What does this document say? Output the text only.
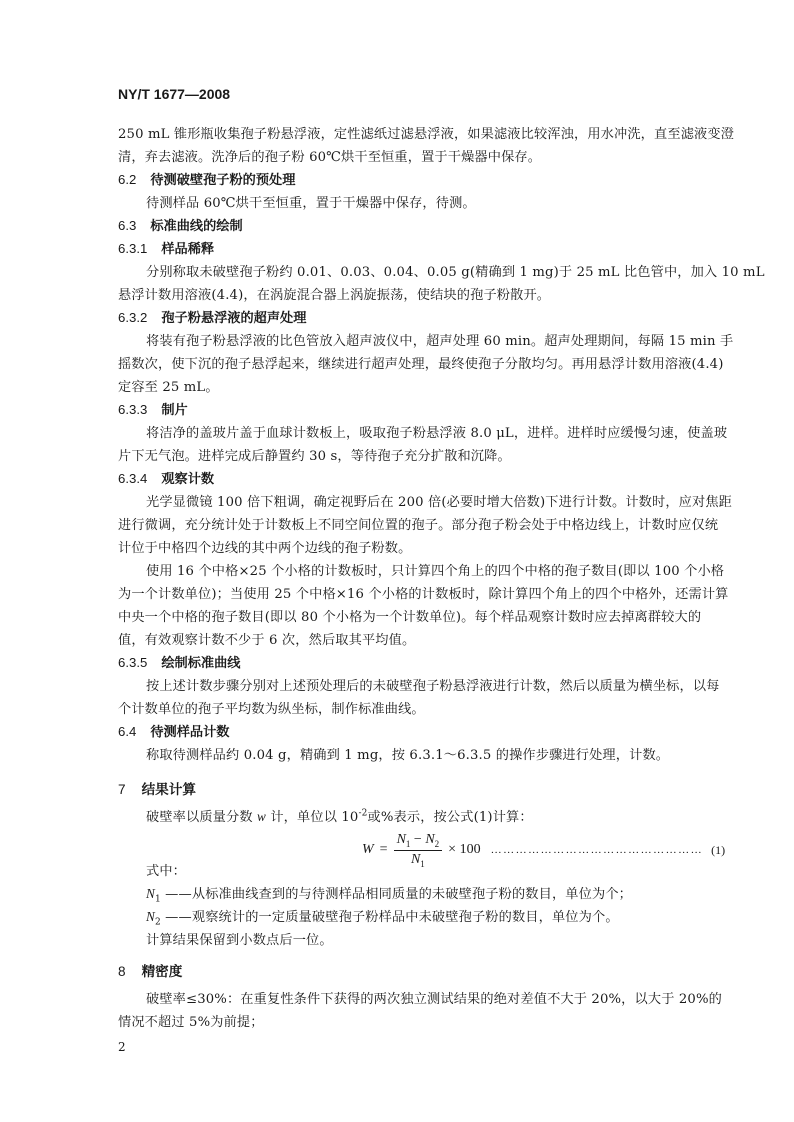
NY/T 1677—2008
250 mL 锥形瓶收集孢子粉悬浮液，定性滤纸过滤悬浮液，如果滤液比较浑浊，用水冲洗，直至滤液变澄
清，弃去滤液。洗净后的孢子粉 60℃烘干至恒重，置于干燥器中保存。
6.2 待测破壁孢子粉的预处理
待测样品 60℃烘干至恒重，置于干燥器中保存，待测。
6.3 标准曲线的绘制
6.3.1 样品稀释
分别称取未破壁孢子粉约 0.01、0.03、0.04、0.05 g(精确到 1 mg)于 25 mL 比色管中，加入 10 mL
悬浮计数用溶液(4.4)，在涡旋混合器上涡旋振荡，使结块的孢子粉散开。
6.3.2 孢子粉悬浮液的超声处理
将装有孢子粉悬浮液的比色管放入超声波仪中，超声处理 60 min。超声处理期间，每隔 15 min 手
摇数次，使下沉的孢子悬浮起来，继续进行超声处理，最终使孢子分散均匀。再用悬浮计数用溶液(4.4)
定容至 25 mL。
6.3.3 制片
将洁净的盖玻片盖于血球计数板上，吸取孢子粉悬浮液 8.0 μL，进样。进样时应缓慢匀速，使盖玻
片下无气泡。进样完成后静置约 30 s，等待孢子充分扩散和沉降。
6.3.4 观察计数
光学显微镜 100 倍下粗调，确定视野后在 200 倍(必要时增大倍数)下进行计数。计数时，应对焦距
进行微调，充分统计处于计数板上不同空间位置的孢子。部分孢子粉会处于中格边线上，计数时应仅统
计位于中格四个边线的其中两个边线的孢子粉数。
使用 16 个中格×25 个小格的计数板时，只计算四个角上的四个中格的孢子数目(即以 100 个小格
为一个计数单位)；当使用 25 个中格×16 个小格的计数板时，除计算四个角上的四个中格外，还需计算
中央一个中格的孢子数目(即以 80 个小格为一个计数单位)。每个样品观察计数时应去掉离群较大的
值，有效观察计数不少于 6 次，然后取其平均值。
6.3.5 绘制标准曲线
按上述计数步骤分别对上述预处理后的未破壁孢子粉悬浮液进行计数，然后以质量为横坐标，以每
个计数单位的孢子平均数为纵坐标，制作标准曲线。
6.4 待测样品计数
称取待测样品约 0.04 g，精确到 1 mg，按 6.3.1～6.3.5 的操作步骤进行处理，计数。
7 结果计算
破壁率以质量分数 w 计，单位以 $10^{-2}$或%表示，按公式(1)计算：
$W = \frac{N_1 - N_2}{N_1} \times 100$ …………………………………………… (1)
式中：
$N_1$ ——从标准曲线查到的与待测样品相同质量的未破壁孢子粉的数目，单位为个；
$N_2$ ——观察统计的一定质量破壁孢子粉样品中未破壁孢子粉的数目，单位为个。
计算结果保留到小数点后一位。
8 精密度
破壁率≤30%：在重复性条件下获得的两次独立测试结果的绝对差值不大于 20%，以大于 20%的
情况不超过 5%为前提；
2
